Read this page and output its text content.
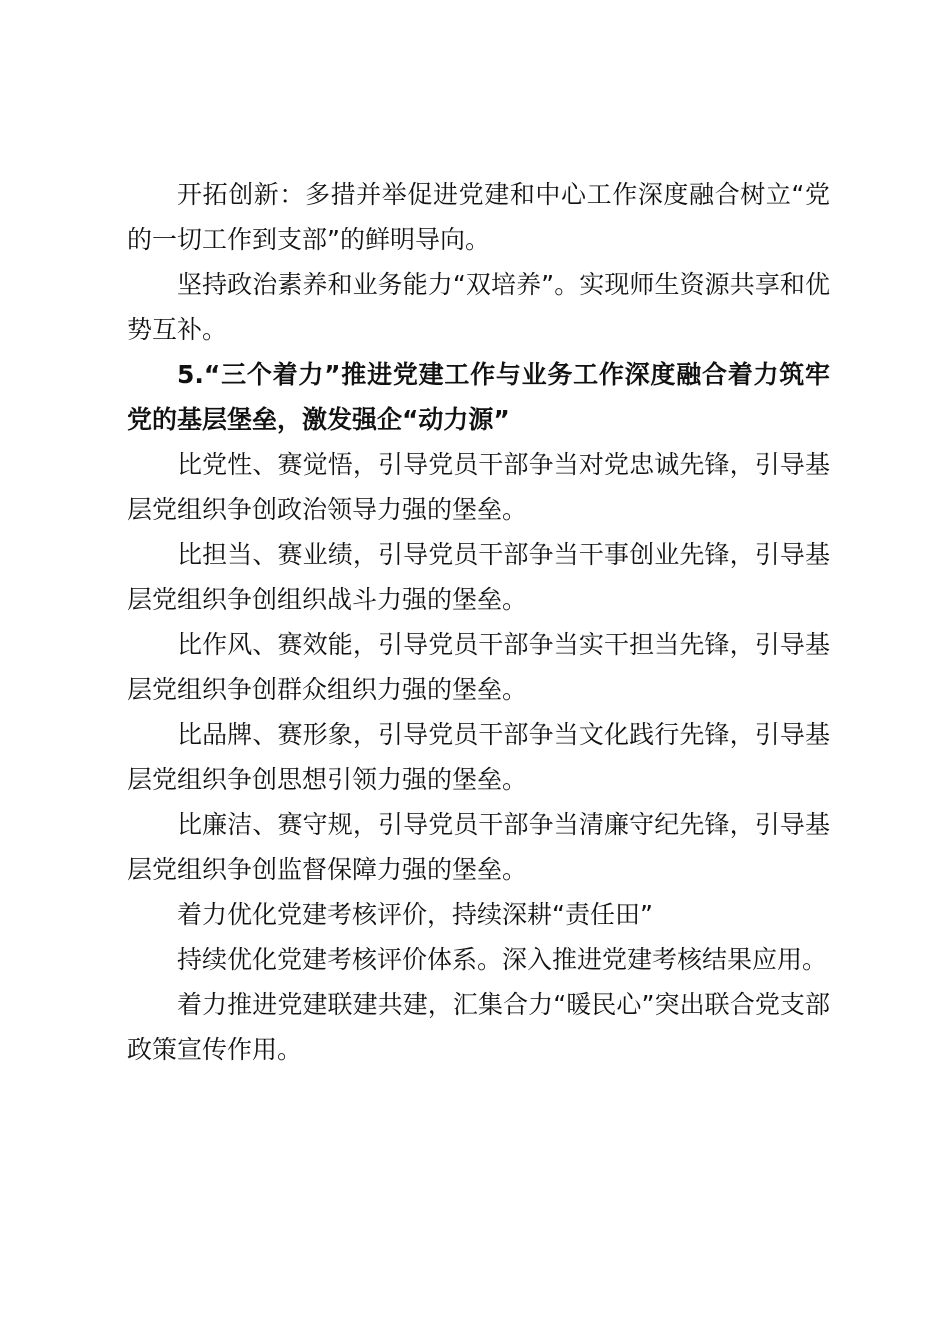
开拓创新：多措并举促进党建和中心工作深度融合树立“党的一切工作到支部”的鲜明导向。

坚持政治素养和业务能力“双培养”。实现师生资源共享和优势互补。

5.“三个着力”推进党建工作与业务工作深度融合着力筑牢党的基层堡垒，激发强企“动力源”

比党性、赛觉悟，引导党员干部争当对党忠诚先锋，引导基层党组织争创政治领导力强的堡垒。

比担当、赛业绩，引导党员干部争当干事创业先锋，引导基层党组织争创组织战斗力强的堡垒。

比作风、赛效能，引导党员干部争当实干担当先锋，引导基层党组织争创群众组织力强的堡垒。

比品牌、赛形象，引导党员干部争当文化践行先锋，引导基层党组织争创思想引领力强的堡垒。

比廉洁、赛守规，引导党员干部争当清廉守纪先锋，引导基层党组织争创监督保障力强的堡垒。

着力优化党建考核评价，持续深耕“责任田”

持续优化党建考核评价体系。深入推进党建考核结果应用。

着力推进党建联建共建，汇集合力“暖民心”突出联合党支部政策宣传作用。
